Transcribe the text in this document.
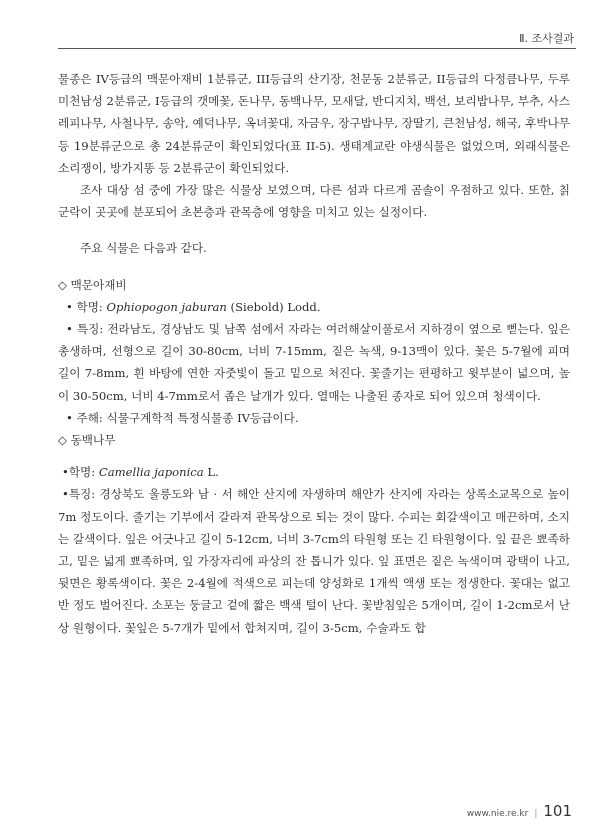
Ⅱ. 조사결과

물종은 IV등급의 맥문아재비 1분류군, III등급의 산기장, 천문동 2분류군, II등급의 다정큼나무, 두루미천남성 2분류군, I등급의 갯메꽃, 돈나무, 동백나무, 모새달, 반디지치, 백선, 보리밥나무, 부추, 사스레피나무, 사철나무, 송악, 예덕나무, 옥녀꽃대, 자금우, 장구밥나무, 장딸기, 큰천남성, 해국, 후박나무 등 19분류군으로 총 24분류군이 확인되었다(표 II-5). 생태계교란 야생식물은 없었으며, 외래식물은 소리쟁이, 방가지똥 등 2분류군이 확인되었다.

조사 대상 섬 중에 가장 많은 식물상 보였으며, 다른 섬과 다르게 곰솔이 우점하고 있다. 또한, 칡 군락이 곳곳에 분포되어 초본층과 관목층에 영향을 미치고 있는 실정이다.

주요 식물은 다음과 같다.

◇ 맥문아재비

• 학명: Ophiopogon jaburan (Siebold) Lodd.

• 특징: 전라남도, 경상남도 및 남쪽 섬에서 자라는 여러해살이풀로서 지하경이 옆으로 뻗는다. 잎은 총생하며, 선형으로 길이 30-80cm, 너비 7-15mm, 짙은 녹색, 9-13맥이 있다. 꽃은 5-7월에 피며 길이 7-8mm, 흰 바탕에 연한 자줏빛이 돌고 밑으로 처진다. 꽃줄기는 편평하고 윗부분이 넓으며, 높이 30-50cm, 너비 4-7mm로서 좁은 날개가 있다. 열매는 나출된 종자로 되어 있으며 청색이다.

• 주해: 식물구계학적 특정식물종 IV등급이다.

◇ 동백나무

•학명: Camellia japonica L.

•특징: 경상북도 울릉도와 남 · 서 해안 산지에 자생하며 해안가 산지에 자라는 상록소교목으로 높이 7m 정도이다. 줄기는 기부에서 갈라져 관목상으로 되는 것이 많다. 수피는 회갈색이고 매끈하며, 소지는 갈색이다. 잎은 어긋나고 길이 5-12cm, 너비 3-7cm의 타원형 또는 긴 타원형이다. 잎 끝은 뾰족하고, 밑은 넓게 뾰족하며, 잎 가장자리에 파상의 잔 톱니가 있다. 잎 표면은 짙은 녹색이며 광택이 나고, 뒷면은 황록색이다. 꽃은 2-4월에 적색으로 피는데 양성화로 1개씩 액생 또는 정생한다. 꽃대는 없고 반 정도 벌어진다. 소포는 둥글고 겉에 짧은 백색 털이 난다. 꽃받침잎은 5개이며, 길이 1-2cm로서 난상 원형이다. 꽃잎은 5-7개가 밑에서 합쳐지며, 길이 3-5cm, 수술과도 합

www.nie.re.kr | 101
